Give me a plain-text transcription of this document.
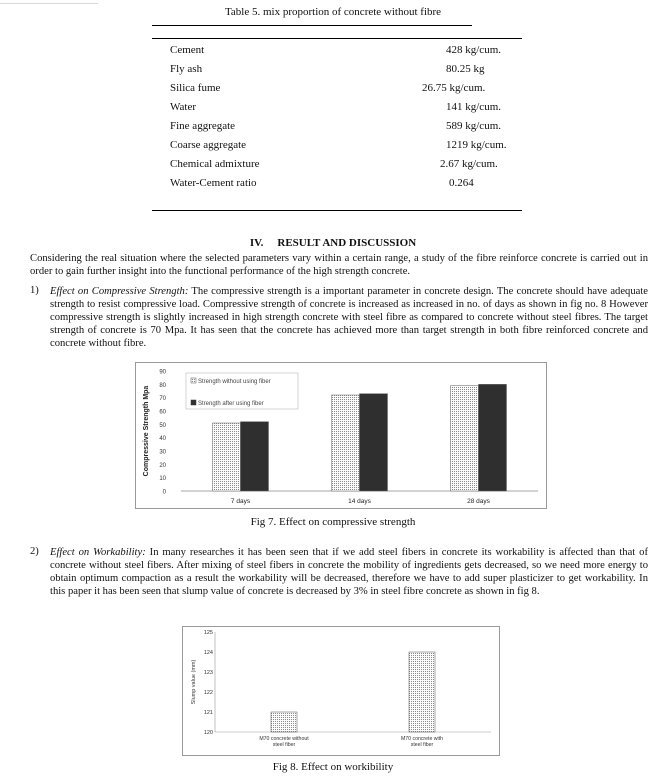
Table 5. mix proportion of concrete without fibre
Cement	428 kg/cum.
Fly ash	80.25 kg
Silica fume	26.75 kg/cum.
Water	141 kg/cum.
Fine aggregate	589 kg/cum.
Coarse aggregate	1219 kg/cum.
Chemical admixture	2.67 kg/cum.
Water-Cement ratio	0.264
IV. RESULT AND DISCUSSION
Considering the real situation where the selected parameters vary within a certain range, a study of the fibre reinforce concrete is carried out in order to gain further insight into the functional performance of the high strength concrete.
1) Effect on Compressive Strength: The compressive strength is a important parameter in concrete design. The concrete should have adequate strength to resist compressive load. Compressive strength of concrete is increased as increased in no. of days as shown in fig no. 8 However compressive strength is slightly increased in high strength concrete with steel fibre as compared to concrete without steel fibres. The target strength of concrete is 70 Mpa. It has seen that the concrete has achieved more than target strength in both fibre reinforced concrete and concrete without fibre.
0
10
20
30
40
50
60
70
80
90
Compressive Strength Mpa
7 days	14 days	28 days
Strength without using fiber
Strength after using fiber
Fig 7. Effect on compressive strength
2) Effect on Workability: In many researches it has been seen that if we add steel fibers in concrete its workability is affected than that of concrete without steel fibers. After mixing of steel fibers in concrete the mobility of ingredients gets decreased, so we need more energy to obtain optimum compaction as a result the workability will be decreased, therefore we have to add super plasticizer to get workability. In this paper it has been seen that slump value of concrete is decreased by 3% in steel fibre concrete as shown in fig 8.
120
121
122
123
124
125
Slump value (mm)
M70 concrete without steel fiber
M70 concrete with steel fiber
Fig 8. Effect on workibility
